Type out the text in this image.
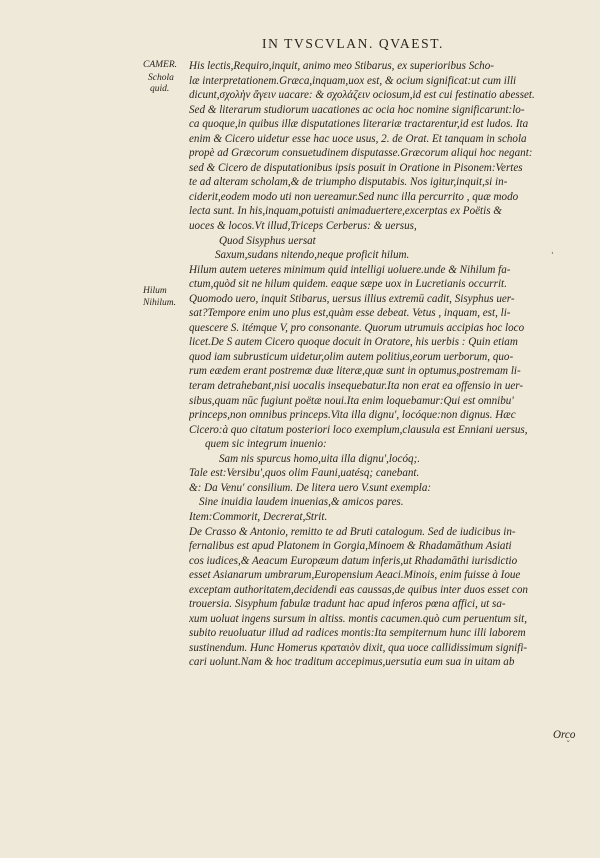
IN TVSCVLAN. QVAEST.
CAMER.
Schola
quid.
Hilum
Nihilum.
His lectis,Requiro,inquit, animo meo Stibarus, ex superioribus Scho-
læ interpretationem.Græca,inquam,uox est, & ocium significat:ut cum illi
dicunt,σχολὴν ἄγειν uacare: & σχολάζειν ociosum,id est cui festinatio abesset.
Sed & literarum studiorum uacationes ac ocia hoc nomine significarunt:lo-
ca quoque,in quibus illæ disputationes literariæ tractarentur,id est ludos. Ita
enim & Cicero uidetur esse hac uoce usus, 2. de Orat. Et tanquam in schola
propè ad Græcorum consuetudinem disputasse.Græcorum aliqui hoc negant:
sed & Cicero de disputationibus ipsis posuit in Oratione in Pisonem:Vertes
te ad alteram scholam,& de triumpho disputabis. Nos igitur,inquit,si in-
ciderit,eodem modo uti non uereamur.Sed nunc illa percurrito , quæ modo
lecta sunt. In his,inquam,potuisti animaduertere,excerptas ex Poëtis &
uoces & locos.Vt illud,Triceps Cerberus: & uersus,
Quod Sisyphus uersat
Saxum,sudans nitendo,neque proficit hilum.
Hilum autem ueteres minimum quid intelligi uoluere.unde & Nihilum fa-
ctum,quòd sit ne hilum quidem. eaque sæpe uox in Lucretianis occurrit.
Quomodo uero, inquit Stibarus, uersus illius extremū cadit, Sisyphus uer-
sat?Tempore enim uno plus est,quàm esse debeat. Vetus , inquam, est, li-
quescere S. itémque V, pro consonante. Quorum utrumuis accipias hoc loco
licet.De S autem Cicero quoque docuit in Oratore, his uerbis : Quin etiam
quod iam subrusticum uidetur,olim autem politius,eorum uerborum, quo-
rum eædem erant postremæ duæ literæ,quæ sunt in optumus,postremam li-
teram detrahebant,nisi uocalis insequebatur.Ita non erat ea offensio in uer-
sibus,quam nūc fugiunt poëtæ noui.Ita enim loquebamur:Qui est omnibu'
princeps,non omnibus princeps.Vita illa dignu', locóque:non dignus. Hæc
Cicero:à quo citatum posteriori loco exemplum,clausula est Enniani uersus,
quem sic integrum inuenio:
Sam nis spurcus homo,uita illa dignu',locóq;.
Tale est:Versibu',quos olim Fauni,uatésq; canebant.
&: Da Venu' consilium. De litera uero V.sunt exempla:
Sine inuidia laudem inuenias,& amicos pares.
Item:Commorit, Decrerat,Strit.
De Crasso & Antonio, remitto te ad Bruti catalogum. Sed de iudicibus in-
fernalibus est apud Platonem in Gorgia,Minoem & Rhadamāthum Asiati
cos iudices,& Aeacum Europæum datum inferis,ut Rhadamāthi iurisdictio
esset Asianarum umbrarum,Europensium Aeaci.Minois, enim fuisse à Ioue
exceptam authoritatem,decidendi eas caussas,de quibus inter duos esset con
trouersia. Sisyphum fabulæ tradunt hac apud inferos pœna affici, ut sa-
xum uoluat ingens sursum in altiss. montis cacumen.quò cum peruentum sit,
subito reuoluatur illud ad radices montis:Ita sempiternum hunc illi laborem
sustinendum. Hunc Homerus κραταιὸν dixit, qua uoce callidissimum signifi-
cari uolunt.Nam & hoc traditum accepimus,uersutia eum sua in uitam ab
Orco
ˈ
ˇ
